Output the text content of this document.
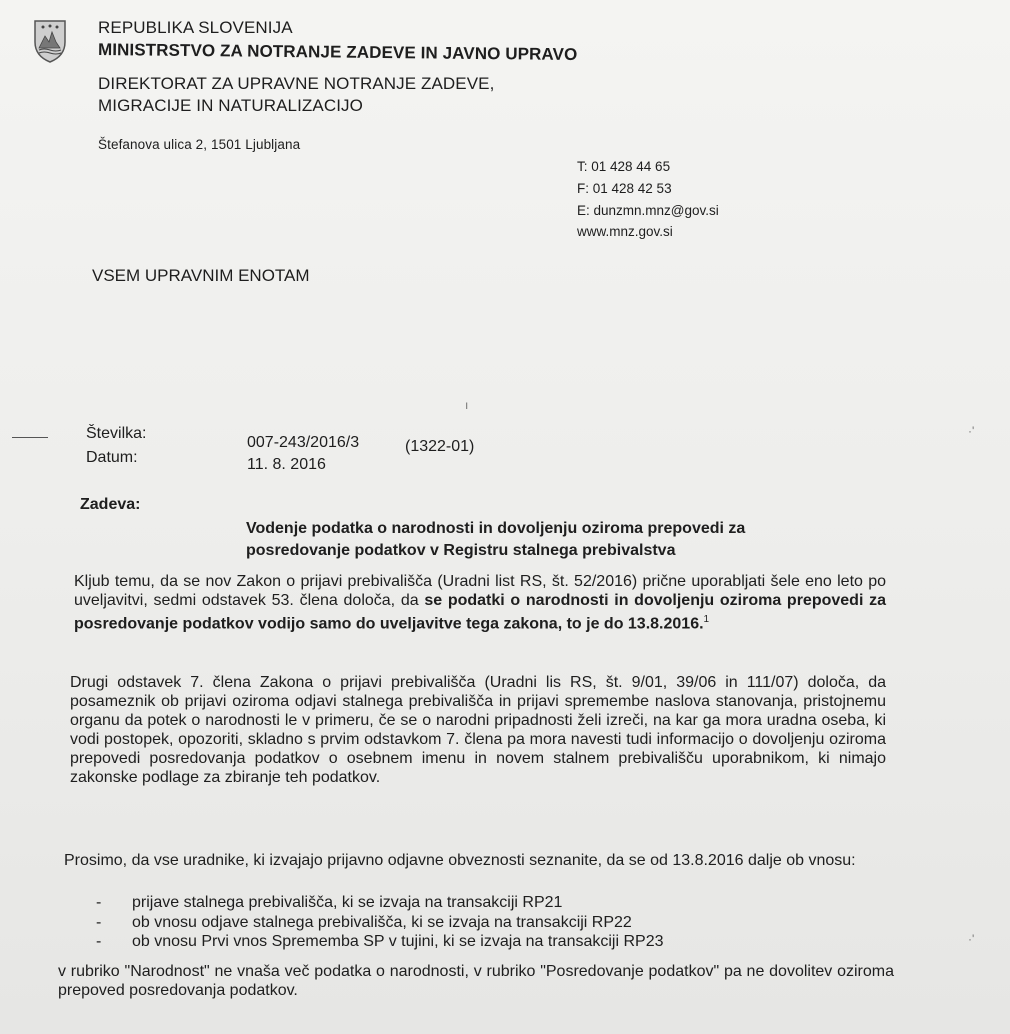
REPUBLIKA SLOVENIJA
MINISTRSTVO ZA NOTRANJE ZADEVE IN JAVNO UPRAVO
DIREKTORAT ZA UPRAVNE NOTRANJE ZADEVE,
MIGRACIJE IN NATURALIZACIJO
Štefanova ulica 2, 1501 Ljubljana
T: 01 428 44 65
F: 01 428 42 53
E: dunzmn.mnz@gov.si
www.mnz.gov.si
VSEM UPRAVNIM ENOTAM
ı
·'
·'
Številka:
007-243/2016/3	(1322-01)
Datum:	11. 8. 2016
Zadeva:
Vodenje podatka o narodnosti in dovoljenju oziroma prepovedi za posredovanje podatkov v Registru stalnega prebivalstva
Kljub temu, da se nov Zakon o prijavi prebivališča (Uradni list RS, št. 52/2016) prične uporabljati šele eno leto po uveljavitvi, sedmi odstavek 53. člena določa, da se podatki o narodnosti in dovoljenju oziroma prepovedi za posredovanje podatkov vodijo samo do uveljavitve tega zakona, to je do 13.8.2016.$^1$
Drugi odstavek 7. člena Zakona o prijavi prebivališča (Uradni lis RS, št. 9/01, 39/06 in 111/07) določa, da posameznik ob prijavi oziroma odjavi stalnega prebivališča in prijavi spremembe naslova stanovanja, pristojnemu organu da potek o narodnosti le v primeru, če se o narodni pripadnosti želi izreči, na kar ga mora uradna oseba, ki vodi postopek, opozoriti, skladno s prvim odstavkom 7. člena pa mora navesti tudi informacijo o dovoljenju oziroma prepovedi posredovanja podatkov o osebnem imenu in novem stalnem prebivališču uporabnikom, ki nimajo zakonske podlage za zbiranje teh podatkov.
Prosimo, da vse uradnike, ki izvajajo prijavno odjavne obveznosti seznanite, da se od 13.8.2016 dalje ob vnosu:
- prijave stalnega prebivališča, ki se izvaja na transakciji RP21
- ob vnosu odjave stalnega prebivališča, ki se izvaja na transakciji RP22
- ob vnosu Prvi vnos Sprememba SP v tujini, ki se izvaja na transakciji RP23
v rubriko "Narodnost" ne vnaša več podatka o narodnosti, v rubriko "Posredovanje podatkov" pa ne dovolitev oziroma prepoved posredovanja podatkov.
